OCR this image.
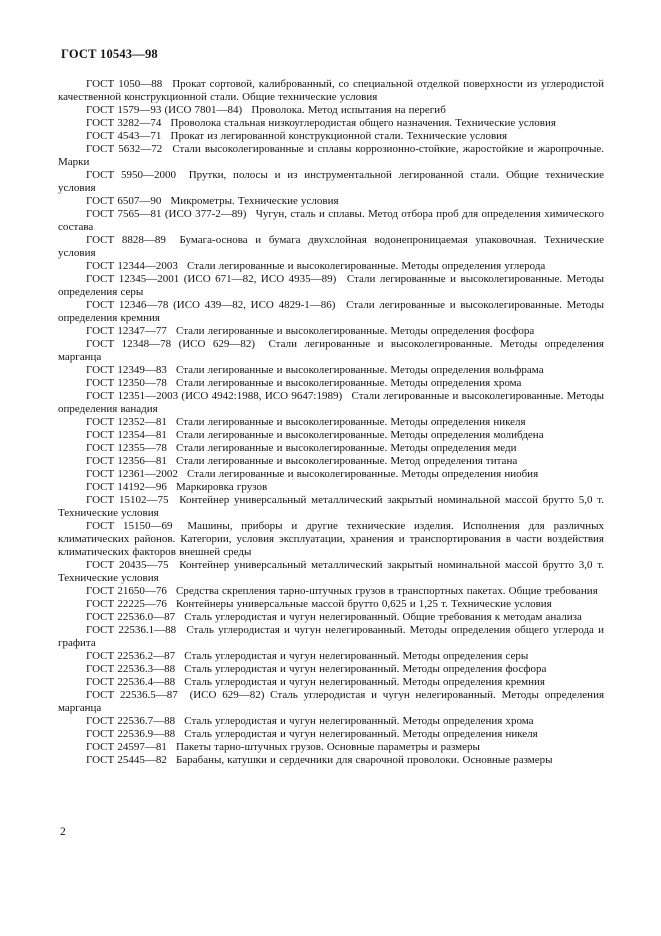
ГОСТ 10543—98

ГОСТ 1050—88 Прокат сортовой, калиброванный, со специальной отделкой поверхности из углеродистой качественной конструкционной стали. Общие технические условия

ГОСТ 1579—93 (ИСО 7801—84) Проволока. Метод испытания на перегиб

ГОСТ 3282—74 Проволока стальная низкоуглеродистая общего назначения. Технические условия

ГОСТ 4543—71 Прокат из легированной конструкционной стали. Технические условия

ГОСТ 5632—72 Стали высоколегированные и сплавы коррозионно-стойкие, жаростойкие и жаропрочные. Марки

ГОСТ 5950—2000 Прутки, полосы и из инструментальной легированной стали. Общие технические условия

ГОСТ 6507—90 Микрометры. Технические условия

ГОСТ 7565—81 (ИСО 377-2—89) Чугун, сталь и сплавы. Метод отбора проб для определения химического состава

ГОСТ 8828—89 Бумага-основа и бумага двухслойная водонепроницаемая упаковочная. Технические условия

ГОСТ 12344—2003 Стали легированные и высоколегированные. Методы определения углерода

ГОСТ 12345—2001 (ИСО 671—82, ИСО 4935—89) Стали легированные и высоколегированные. Методы определения серы

ГОСТ 12346—78 (ИСО 439—82, ИСО 4829-1—86) Стали легированные и высоколегированные. Методы определения кремния

ГОСТ 12347—77 Стали легированные и высоколегированные. Методы определения фосфора

ГОСТ 12348—78 (ИСО 629—82) Стали легированные и высоколегированные. Методы определения марганца

ГОСТ 12349—83 Стали легированные и высоколегированные. Методы определения вольфрама

ГОСТ 12350—78 Стали легированные и высоколегированные. Методы определения хрома

ГОСТ 12351—2003 (ИСО 4942:1988, ИСО 9647:1989) Стали легированные и высоколегированные. Методы определения ванадия

ГОСТ 12352—81 Стали легированные и высоколегированные. Методы определения никеля

ГОСТ 12354—81 Стали легированные и высоколегированные. Методы определения молибдена

ГОСТ 12355—78 Стали легированные и высоколегированные. Методы определения меди

ГОСТ 12356—81 Стали легированные и высоколегированные. Метод определения титана

ГОСТ 12361—2002 Стали легированные и высоколегированные. Методы определения ниобия

ГОСТ 14192—96 Маркировка грузов

ГОСТ 15102—75 Контейнер универсальный металлический закрытый номинальной массой брутто 5,0 т. Технические условия

ГОСТ 15150—69 Машины, приборы и другие технические изделия. Исполнения для различных климатических районов. Категории, условия эксплуатации, хранения и транспортирования в части воздействия климатических факторов внешней среды

ГОСТ 20435—75 Контейнер универсальный металлический закрытый номинальной массой брутто 3,0 т. Технические условия

ГОСТ 21650—76 Средства скрепления тарно-штучных грузов в транспортных пакетах. Общие требования

ГОСТ 22225—76 Контейнеры универсальные массой брутто 0,625 и 1,25 т. Технические условия

ГОСТ 22536.0—87 Сталь углеродистая и чугун нелегированный. Общие требования к методам анализа

ГОСТ 22536.1—88 Сталь углеродистая и чугун нелегированный. Методы определения общего углерода и графита

ГОСТ 22536.2—87 Сталь углеродистая и чугун нелегированный. Методы определения серы

ГОСТ 22536.3—88 Сталь углеродистая и чугун нелегированный. Методы определения фосфора

ГОСТ 22536.4—88 Сталь углеродистая и чугун нелегированный. Методы определения кремния

ГОСТ 22536.5—87 (ИСО 629—82) Сталь углеродистая и чугун нелегированный. Методы определения марганца

ГОСТ 22536.7—88 Сталь углеродистая и чугун нелегированный. Методы определения хрома

ГОСТ 22536.9—88 Сталь углеродистая и чугун нелегированный. Методы определения никеля

ГОСТ 24597—81 Пакеты тарно-штучных грузов. Основные параметры и размеры

ГОСТ 25445—82 Барабаны, катушки и сердечники для сварочной проволоки. Основные размеры

2
